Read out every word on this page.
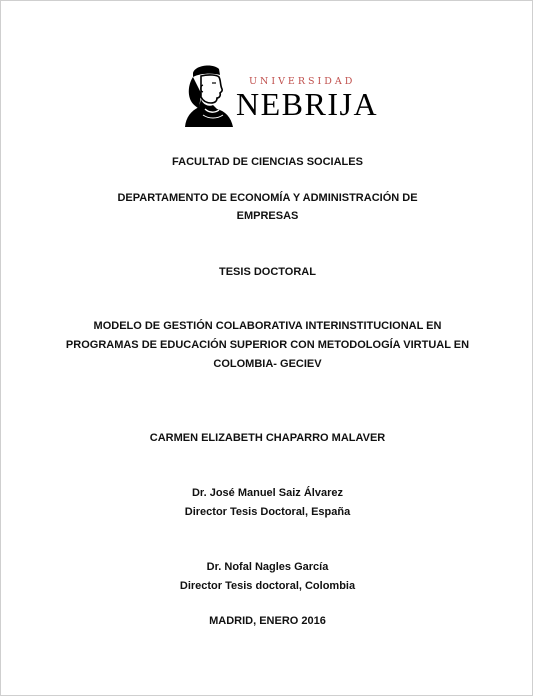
UNIVERSIDAD
NEBRIJA
FACULTAD DE CIENCIAS SOCIALES
DEPARTAMENTO DE ECONOMÍA Y ADMINISTRACIÓN DE
EMPRESAS
TESIS DOCTORAL
MODELO DE GESTIÓN COLABORATIVA INTERINSTITUCIONAL EN
PROGRAMAS DE EDUCACIÓN SUPERIOR CON METODOLOGÍA VIRTUAL EN
COLOMBIA- GECIEV
CARMEN ELIZABETH CHAPARRO MALAVER
Dr. José Manuel Saiz Álvarez
Director Tesis Doctoral, España
Dr. Nofal Nagles García
Director Tesis doctoral, Colombia
MADRID, ENERO 2016
